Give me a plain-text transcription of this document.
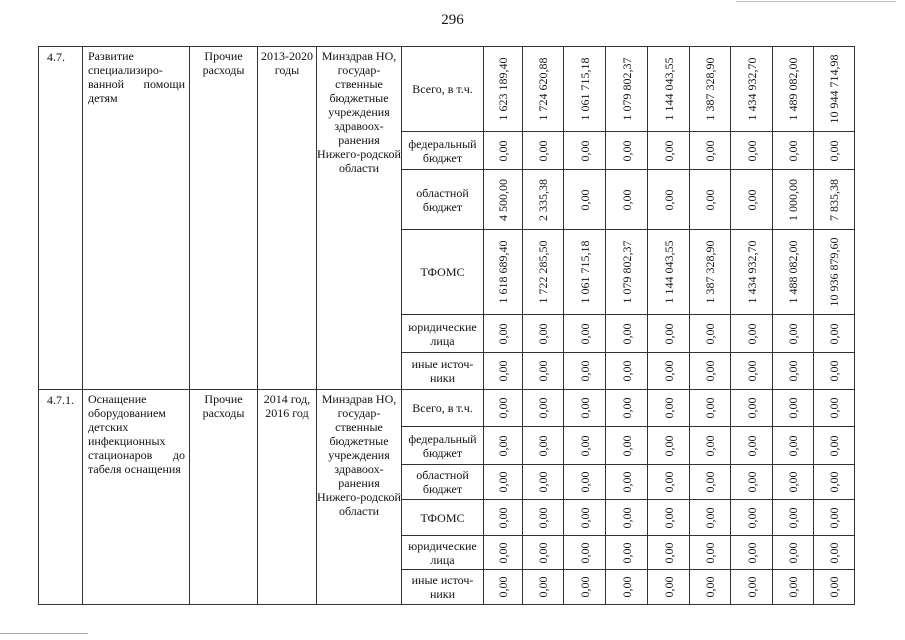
296
4.7.	Развитие специализиро-ванной помощи детям	Прочие расходы	2013-2020 годы	Минздрав НО, государ-ственные бюджетные учреждения здравоох-ранения Нижего-родской области	Всего, в т.ч.	1 623 189,40	1 724 620,88	1 061 715,18	1 079 802,37	1 144 043,55	1 387 328,90	1 434 932,70	1 489 082,00	10 944 714,98

					федеральный бюджет	0,00	0,00	0,00	0,00	0,00	0,00	0,00	0,00	0,00

					областной бюджет	4 500,00	2 335,38	0,00	0,00	0,00	0,00	0,00	1 000,00	7 835,38

					ТФОМС	1 618 689,40	1 722 285,50	1 061 715,18	1 079 802,37	1 144 043,55	1 387 328,90	1 434 932,70	1 488 082,00	10 936 879,60

					юридические лица	0,00	0,00	0,00	0,00	0,00	0,00	0,00	0,00	0,00

					иные источ-ники	0,00	0,00	0,00	0,00	0,00	0,00	0,00	0,00	0,00

4.7.1.	Оснащение оборудованием детских инфекционных стационаров до табеля оснащения	Прочие расходы	2014 год, 2016 год	Минздрав НО, государ-ственные бюджетные учреждения здравоох-ранения Нижего-родской области	Всего, в т.ч.	0,00	0,00	0,00	0,00	0,00	0,00	0,00	0,00	0,00

					федеральный бюджет	0,00	0,00	0,00	0,00	0,00	0,00	0,00	0,00	0,00

					областной бюджет	0,00	0,00	0,00	0,00	0,00	0,00	0,00	0,00	0,00

					ТФОМС	0,00	0,00	0,00	0,00	0,00	0,00	0,00	0,00	0,00

					юридические лица	0,00	0,00	0,00	0,00	0,00	0,00	0,00	0,00	0,00

					иные источ-ники	0,00	0,00	0,00	0,00	0,00	0,00	0,00	0,00	0,00
